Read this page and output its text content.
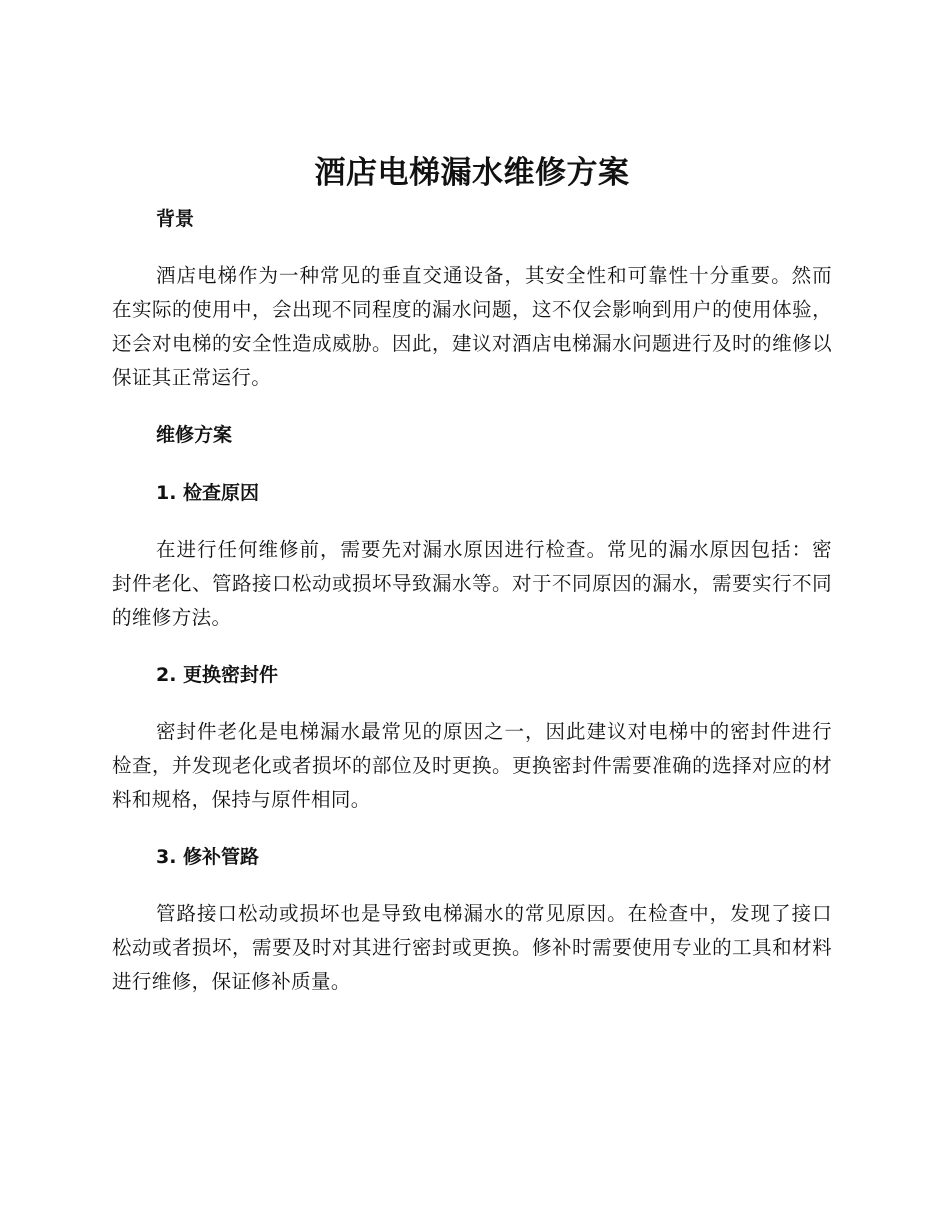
酒店电梯漏水维修方案
背景

酒店电梯作为一种常见的垂直交通设备，其安全性和可靠性十分重要。然而在实际的使用中，会出现不同程度的漏水问题，这不仅会影响到用户的使用体验，还会对电梯的安全性造成威胁。因此，建议对酒店电梯漏水问题进行及时的维修以保证其正常运行。

维修方案
1. 检查原因

在进行任何维修前，需要先对漏水原因进行检查。常见的漏水原因包括：密封件老化、管路接口松动或损坏导致漏水等。对于不同原因的漏水，需要实行不同的维修方法。

2. 更换密封件

密封件老化是电梯漏水最常见的原因之一，因此建议对电梯中的密封件进行检查，并发现老化或者损坏的部位及时更换。更换密封件需要准确的选择对应的材料和规格，保持与原件相同。

3. 修补管路

管路接口松动或损坏也是导致电梯漏水的常见原因。在检查中，发现了接口松动或者损坏，需要及时对其进行密封或更换。修补时需要使用专业的工具和材料进行维修，保证修补质量。
